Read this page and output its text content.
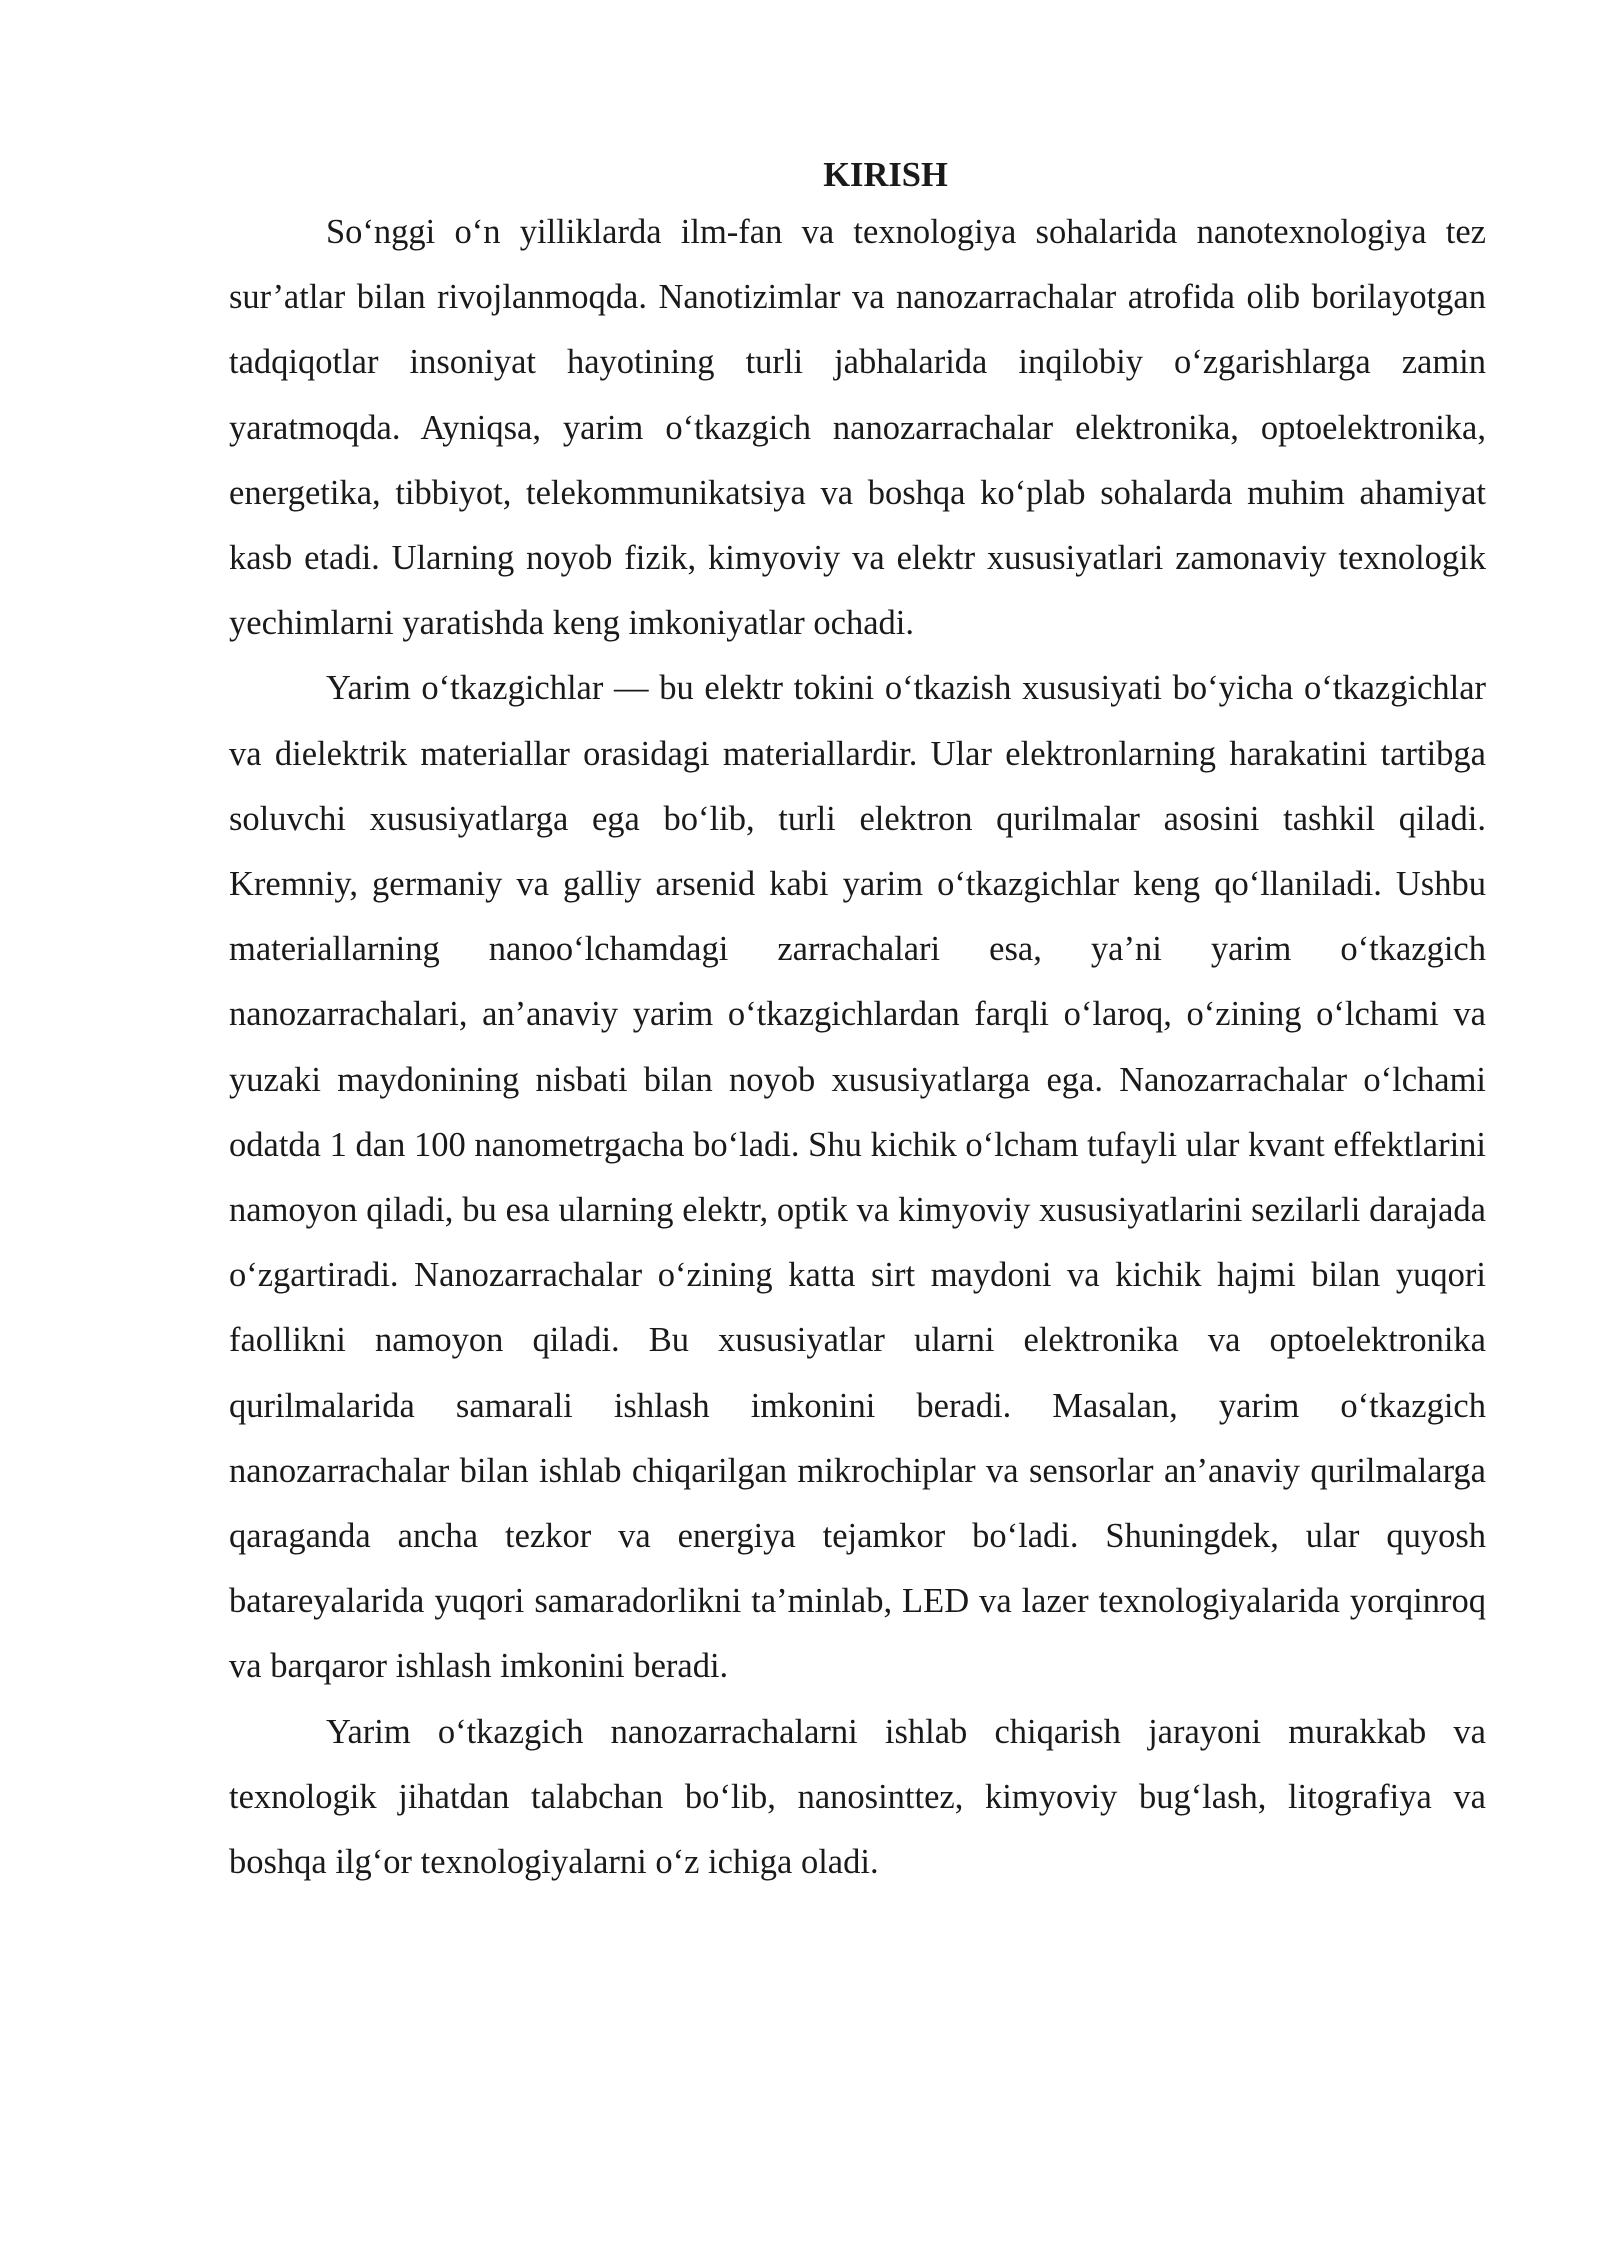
KIRISH

So‘nggi o‘n yilliklarda ilm-fan va texnologiya sohalarida nanotexnologiya tez sur’atlar bilan rivojlanmoqda. Nanotizimlar va nanozarrachalar atrofida olib borilayotgan tadqiqotlar insoniyat hayotining turli jabhalarida inqilobiy o‘zgarishlarga zamin yaratmoqda. Ayniqsa, yarim o‘tkazgich nanozarrachalar elektronika, optoelektronika, energetika, tibbiyot, telekommunikatsiya va boshqa ko‘plab sohalarda muhim ahamiyat kasb etadi. Ularning noyob fizik, kimyoviy va elektr xususiyatlari zamonaviy texnologik yechimlarni yaratishda keng imkoniyatlar ochadi.

Yarim o‘tkazgichlar — bu elektr tokini o‘tkazish xususiyati bo‘yicha o‘tkazgichlar va dielektrik materiallar orasidagi materiallardir. Ular elektronlarning harakatini tartibga soluvchi xususiyatlarga ega bo‘lib, turli elektron qurilmalar asosini tashkil qiladi. Kremniy, germaniy va galliy arsenid kabi yarim o‘tkazgichlar keng qo‘llaniladi. Ushbu materiallarning nanoo‘lchamdagi zarrachalari esa, ya’ni yarim o‘tkazgich nanozarrachalari, an’anaviy yarim o‘tkazgichlardan farqli o‘laroq, o‘zining o‘lchami va yuzaki maydonining nisbati bilan noyob xususiyatlarga ega. Nanozarrachalar o‘lchami odatda 1 dan 100 nanometrgacha bo‘ladi. Shu kichik o‘lcham tufayli ular kvant effektlarini namoyon qiladi, bu esa ularning elektr, optik va kimyoviy xususiyatlarini sezilarli darajada o‘zgartiradi. Nanozarrachalar o‘zining katta sirt maydoni va kichik hajmi bilan yuqori faollikni namoyon qiladi. Bu xususiyatlar ularni elektronika va optoelektronika qurilmalarida samarali ishlash imkonini beradi. Masalan, yarim o‘tkazgich nanozarrachalar bilan ishlab chiqarilgan mikrochiplar va sensorlar an’anaviy qurilmalarga qaraganda ancha tezkor va energiya tejamkor bo‘ladi. Shuningdek, ular quyosh batareyalarida yuqori samaradorlikni ta’minlab, LED va lazer texnologiyalarida yorqinroq va barqaror ishlash imkonini beradi.

Yarim o‘tkazgich nanozarrachalarni ishlab chiqarish jarayoni murakkab va texnologik jihatdan talabchan bo‘lib, nanosinttez, kimyoviy bug‘lash, litografiya va boshqa ilg‘or texnologiyalarni o‘z ichiga oladi.
